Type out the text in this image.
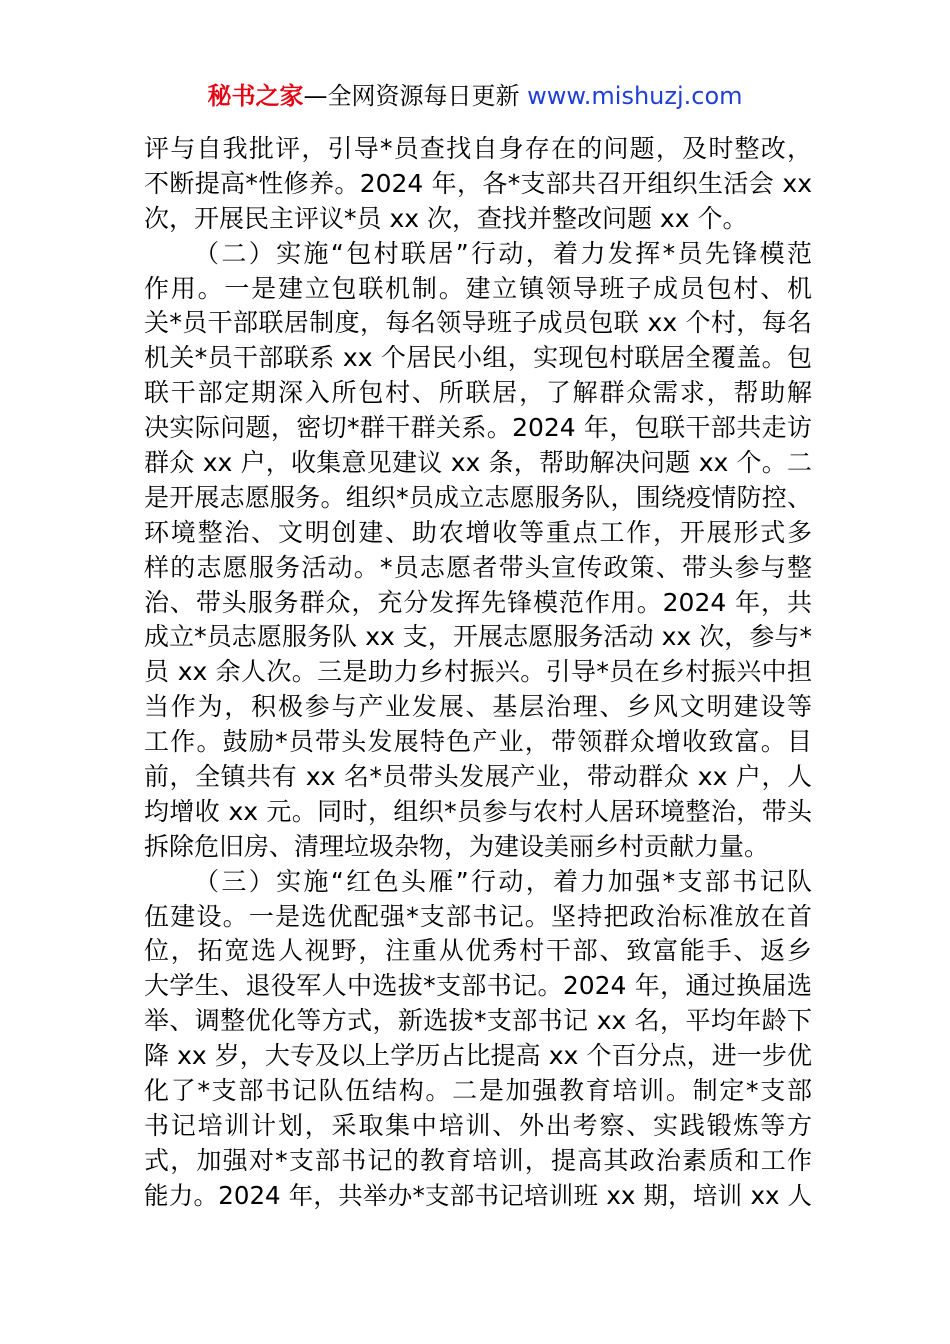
秘书之家—全网资源每日更新 www.mishuzj.com
评与自我批评，引导*员查找自身存在的问题，及时整改，
不断提高*性修养。2024 年，各*支部共召开组织生活会 xx
次，开展民主评议*员 xx 次，查找并整改问题 xx 个。
（二）实施“包村联居”行动，着力发挥*员先锋模范
作用。一是建立包联机制。建立镇领导班子成员包村、机
关*员干部联居制度，每名领导班子成员包联 xx 个村，每名
机关*员干部联系 xx 个居民小组，实现包村联居全覆盖。包
联干部定期深入所包村、所联居，了解群众需求，帮助解
决实际问题，密切*群干群关系。2024 年，包联干部共走访
群众 xx 户，收集意见建议 xx 条，帮助解决问题 xx 个。二
是开展志愿服务。组织*员成立志愿服务队，围绕疫情防控、
环境整治、文明创建、助农增收等重点工作，开展形式多
样的志愿服务活动。*员志愿者带头宣传政策、带头参与整
治、带头服务群众，充分发挥先锋模范作用。2024 年，共
成立*员志愿服务队 xx 支，开展志愿服务活动 xx 次，参与*
员 xx 余人次。三是助力乡村振兴。引导*员在乡村振兴中担
当作为，积极参与产业发展、基层治理、乡风文明建设等
工作。鼓励*员带头发展特色产业，带领群众增收致富。目
前，全镇共有 xx 名*员带头发展产业，带动群众 xx 户，人
均增收 xx 元。同时，组织*员参与农村人居环境整治，带头
拆除危旧房、清理垃圾杂物，为建设美丽乡村贡献力量。
（三）实施“红色头雁”行动，着力加强*支部书记队
伍建设。一是选优配强*支部书记。坚持把政治标准放在首
位，拓宽选人视野，注重从优秀村干部、致富能手、返乡
大学生、退役军人中选拔*支部书记。2024 年，通过换届选
举、调整优化等方式，新选拔*支部书记 xx 名，平均年龄下
降 xx 岁，大专及以上学历占比提高 xx 个百分点，进一步优
化了*支部书记队伍结构。二是加强教育培训。制定*支部
书记培训计划，采取集中培训、外出考察、实践锻炼等方
式，加强对*支部书记的教育培训，提高其政治素质和工作
能力。2024 年，共举办*支部书记培训班 xx 期，培训 xx 人
